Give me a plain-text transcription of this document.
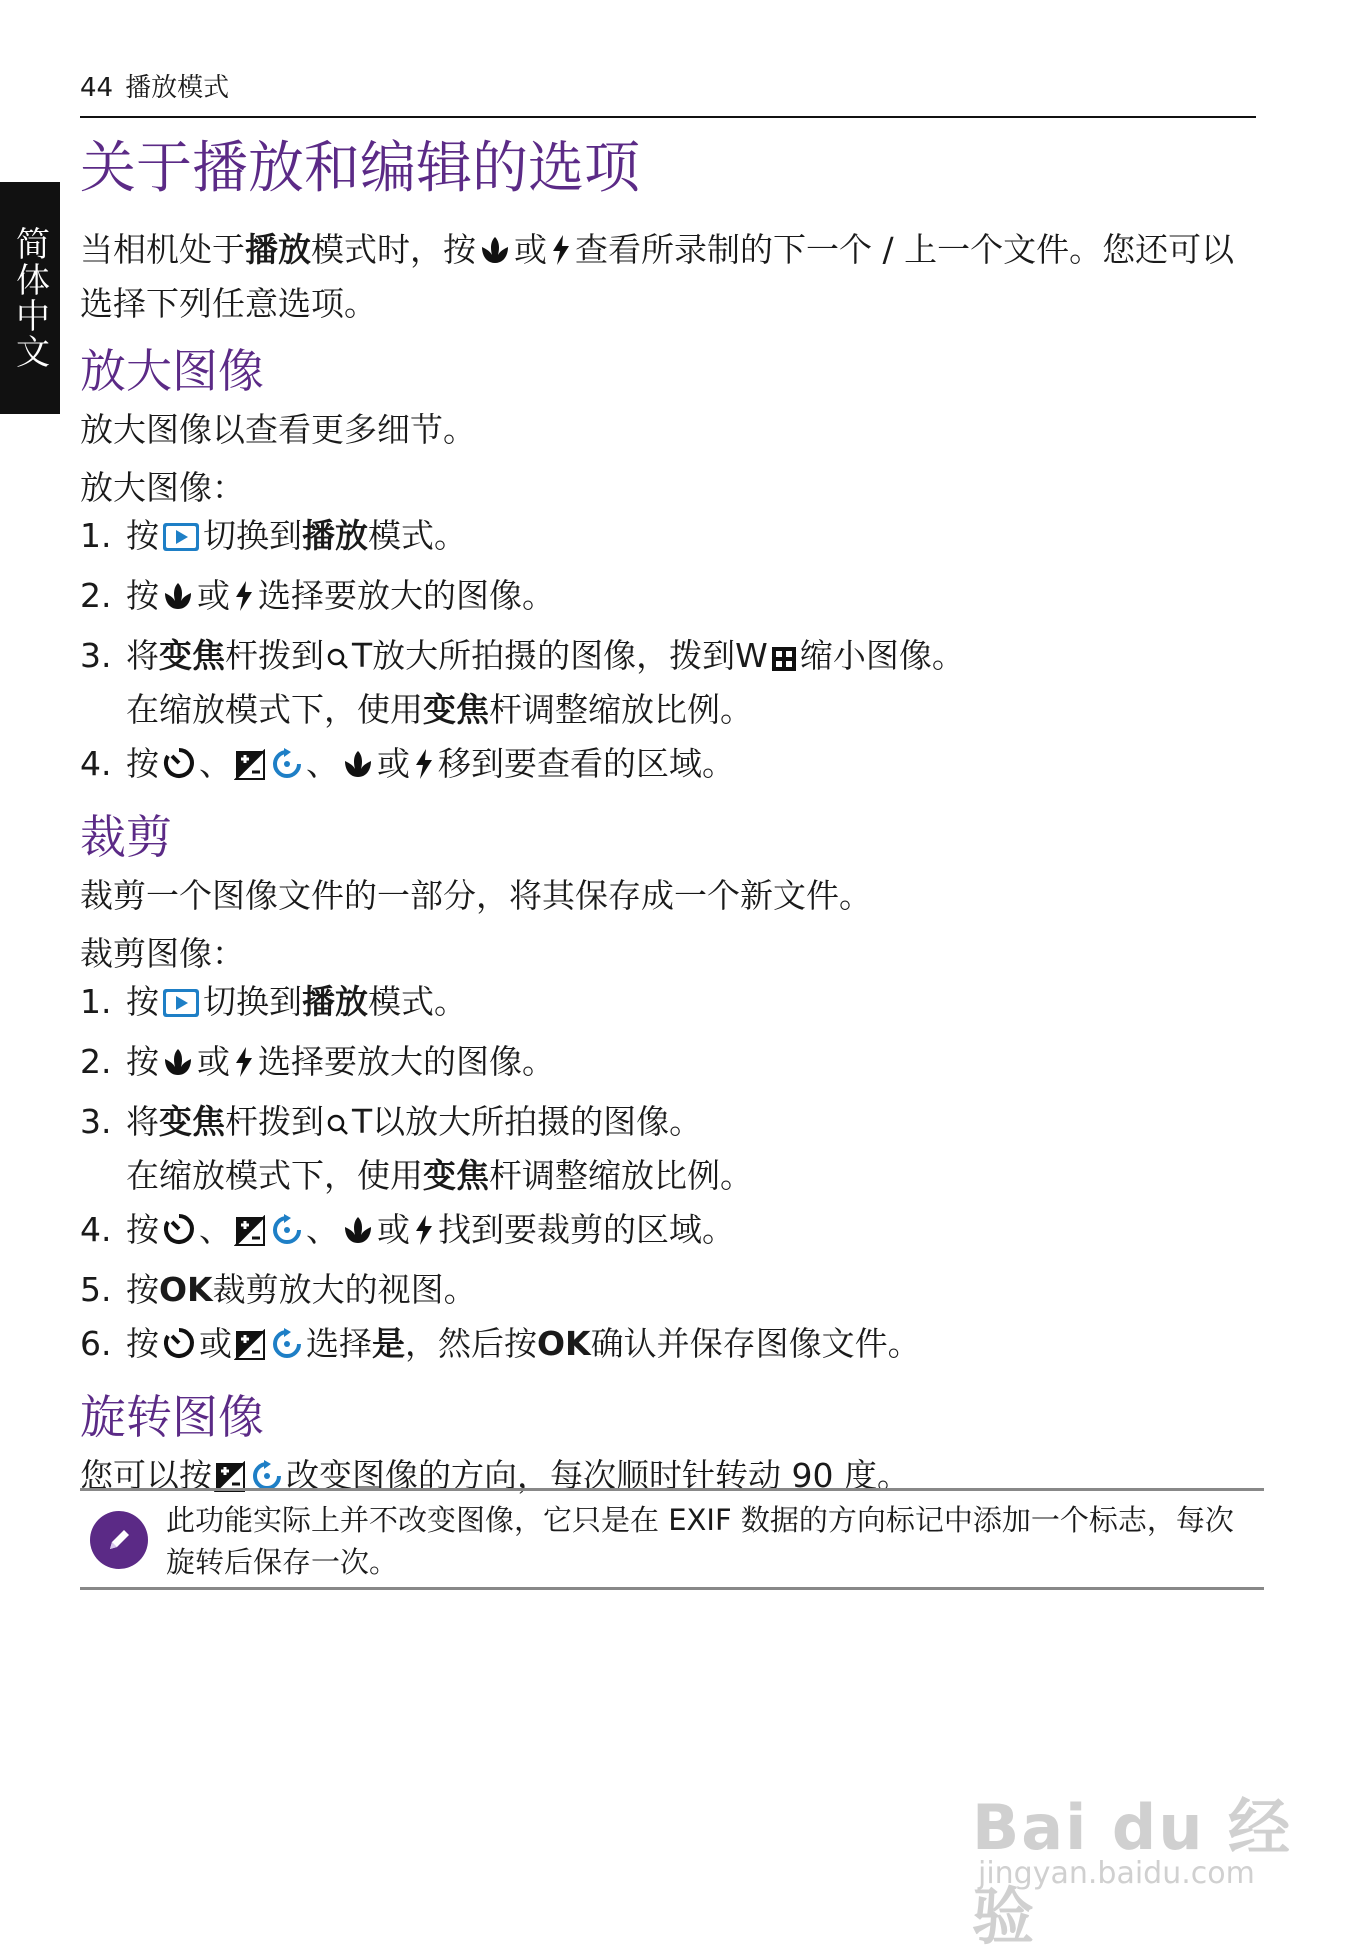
简体中文
44 播放模式
关于播放和编辑的选项

当相机处于播放模式时，按 或 查看所录制的下一个 / 上一个文件。您还可以选择下列任意选项。

放大图像

放大图像以查看更多细节。

放大图像：

1. 按 切换到播放模式。
2. 按 或 选择要放大的图像。
3. 将变焦杆拨到 T放大所拍摄的图像，拨到W 缩小图像。
在缩放模式下，使用变焦杆调整缩放比例。
4. 按 、 、 或 移到要查看的区域。
裁剪

裁剪一个图像文件的一部分，将其保存成一个新文件。

裁剪图像：

1. 按 切换到播放模式。
2. 按 或 选择要放大的图像。
3. 将变焦杆拨到 T以放大所拍摄的图像。
在缩放模式下，使用变焦杆调整缩放比例。
4. 按 、 、 或 找到要裁剪的区域。
5. 按OK裁剪放大的视图。
6. 按 或 选择是，然后按OK确认并保存图像文件。
旋转图像

您可以按 改变图像的方向，每次顺时针转动 90 度。

此功能实际上并不改变图像，它只是在 EXIF 数据的方向标记中添加一个标志，每次旋转后保存一次。

Bai du 经验
jingyan.baidu.com
